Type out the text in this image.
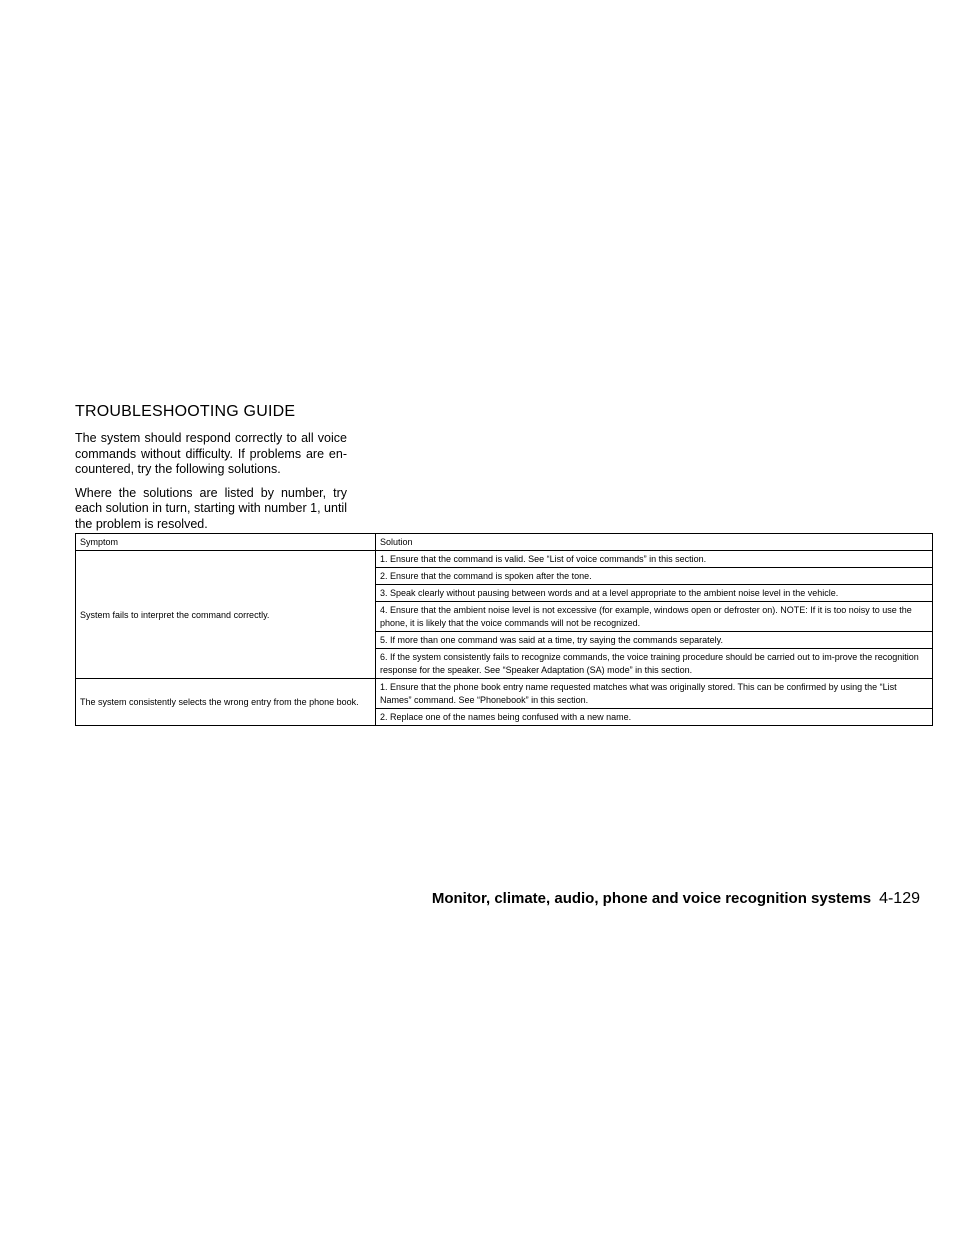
TROUBLESHOOTING GUIDE

The system should respond correctly to all voice commands without difficulty. If problems are en-countered, try the following solutions.

Where the solutions are listed by number, try each solution in turn, starting with number 1, until the problem is resolved.

Symptom	Solution
System fails to interpret the command correctly.	1. Ensure that the command is valid. See “List of voice commands” in this section.
	2. Ensure that the command is spoken after the tone.
	3. Speak clearly without pausing between words and at a level appropriate to the ambient noise level in the vehicle.
	4. Ensure that the ambient noise level is not excessive (for example, windows open or defroster on). NOTE: If it is too noisy to use the phone, it is likely that the voice commands will not be recognized.
	5. If more than one command was said at a time, try saying the commands separately.
	6. If the system consistently fails to recognize commands, the voice training procedure should be carried out to im-prove the recognition response for the speaker. See “Speaker Adaptation (SA) mode” in this section.
The system consistently selects the wrong entry from the phone book.	1. Ensure that the phone book entry name requested matches what was originally stored. This can be confirmed by using the “List Names” command. See “Phonebook” in this section.
	2. Replace one of the names being confused with a new name.
Monitor, climate, audio, phone and voice recognition systems 4-129
